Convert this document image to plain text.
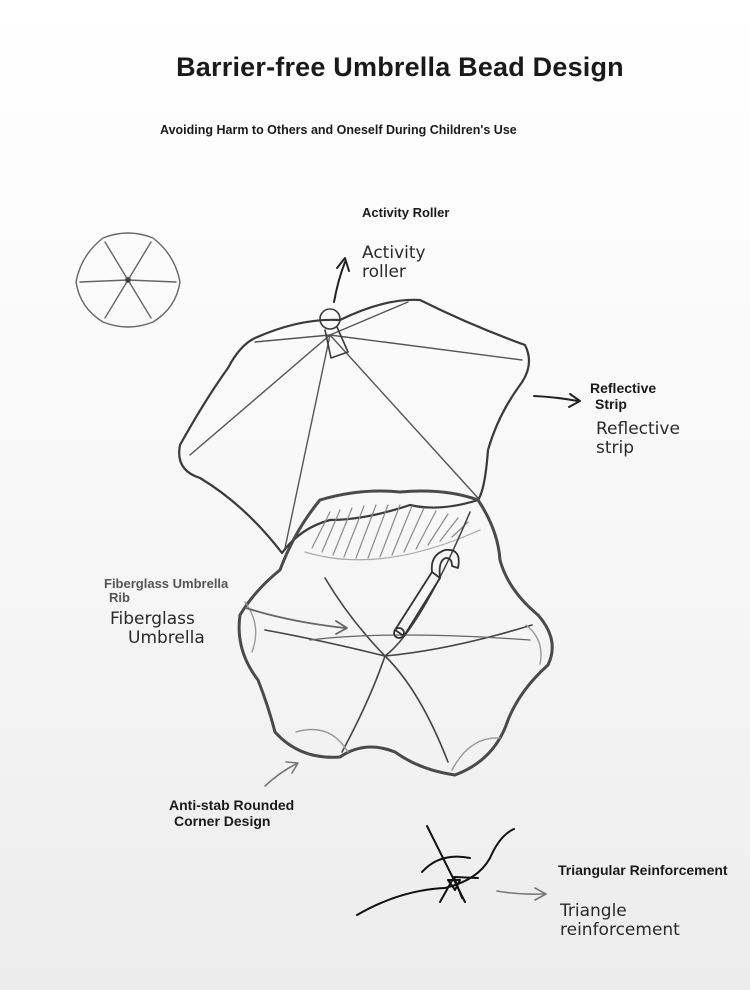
Barrier-free Umbrella Bead Design
Avoiding Harm to Others and Oneself During Children's Use
Activity Roller
Activity
roller
Reflective
Strip
Reflective
strip
Fiberglass Umbrella
Rib
Fiberglass
Umbrella
Anti-stab Rounded
Corner Design
Triangular Reinforcement
Triangle
reinforcement
